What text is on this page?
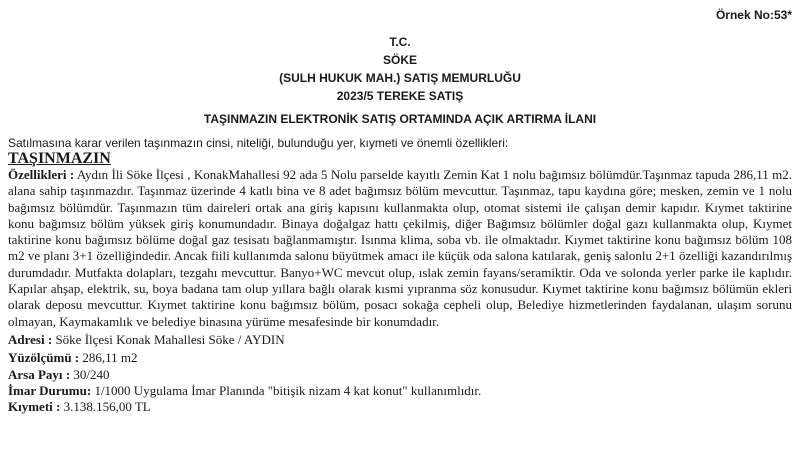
Örnek No:53*
T.C.
SÖKE
(SULH HUKUK MAH.) SATIŞ MEMURLUĞU
2023/5 TEREKE SATIŞ
TAŞINMAZIN ELEKTRONİK SATIŞ ORTAMINDA AÇIK ARTIRMA İLANI
Satılmasına karar verilen taşınmazın cinsi, niteliği, bulunduğu yer, kıymeti ve önemli özellikleri:
TAŞINMAZIN

Özellikleri : Aydın İli Söke İlçesi , KonakMahallesi 92 ada 5 Nolu parselde kayıtlı Zemin Kat 1 nolu bağımsız bölümdür.Taşınmaz tapuda 286,11 m2. alana sahip taşınmazdır. Taşınmaz üzerinde 4 katlı bina ve 8 adet bağımsız bölüm mevcuttur. Taşınmaz, tapu kaydına göre; mesken, zemin ve 1 nolu bağımsız bölümdür. Taşınmazın tüm daireleri ortak ana giriş kapısını kullanmakta olup, otomat sistemi ile çalışan demir kapıdır. Kıymet taktirine konu bağımsız bölüm yüksek giriş konumundadır. Binaya doğalgaz hattı çekilmiş, diğer Bağımsız bölümler doğal gazı kullanmakta olup, Kıymet taktirine konu bağımsız bölüme doğal gaz tesisatı bağlanmamıştır. Isınma klima, soba vb. ile olmaktadır. Kıymet taktirine konu bağımsız bölüm 108 m2 ve planı 3+1 özelliğindedir. Ancak fiili kullanımda salonu büyütmek amacı ile küçük oda salona katılarak, geniş salonlu 2+1 özelliği kazandırılmış durumdadır. Mutfakta dolapları, tezgahı mevcuttur. Banyo+WC mevcut olup, ıslak zemin fayans/seramiktir. Oda ve solonda yerler parke ile kaplıdır. Kapılar ahşap, elektrik, su, boya badana tam olup yıllara bağlı olarak kısmi yıpranma söz konusudur. Kıymet taktirine konu bağımsız bölümün ekleri olarak deposu mevcuttur. Kıymet taktirine konu bağımsız bölüm, posacı sokağa cepheli olup, Belediye hizmetlerinden faydalanan, ulaşım sorunu olmayan, Kaymakamlık ve belediye binasına yürüme mesafesinde bir konumdadır.

Adresi : Söke İlçesi Konak Mahallesi Söke / AYDIN
Yüzölçümü : 286,11 m2
Arsa Payı : 30/240
İmar Durumu: 1/1000 Uygulama İmar Planında "bitişik nizam 4 kat konut" kullanımlıdır.
Kıymeti : 3.138.156,00 TL
